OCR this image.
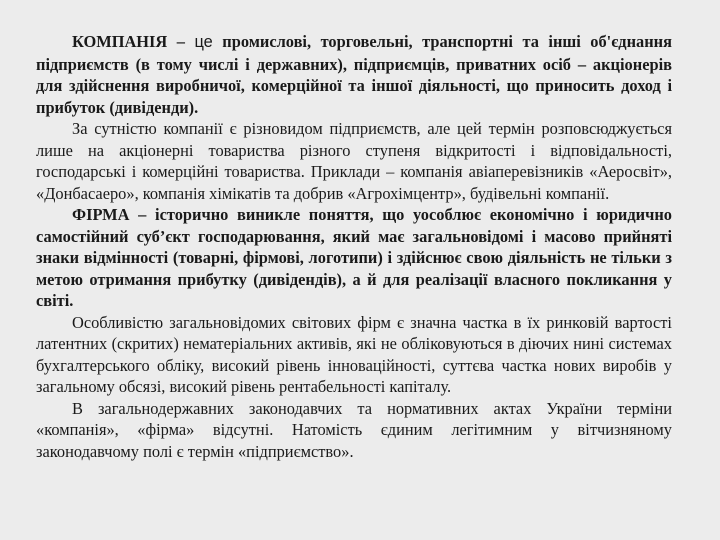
КОМПАНІЯ – це промислові, торговельні, транспортні та інші об'єднання підприємств (в тому числі і державних), підприємців, приватних осіб – акціонерів для здійснення виробничої, комерційної та іншої діяльності, що приносить доход і прибуток (дивіденди).

За сутністю компанії є різновидом підприємств, але цей термін розповсюджується лише на акціонерні товариства різного ступеня відкритості і відповідальності, господарські і комерційні товариства. Приклади – компанія авіаперевізників «Аеросвіт», «Донбасаеро», компанія хімікатів та добрив «Агрохімцентр», будівельні компанії.

ФІРМА – історично виникле поняття, що уособлює економічно і юридично самостійний суб’єкт господарювання, який має загальновідомі і масово прийняті знаки відмінності (товарні, фірмові, логотипи) і здійснює свою діяльність не тільки з метою отримання прибутку (дивідендів), а й для реалізації власного покликання у світі.

Особливістю загальновідомих світових фірм є значна частка в їх ринковій вартості латентних (скритих) нематеріальних активів, які не обліковуються в діючих нині системах бухгалтерського обліку, високий рівень інноваційності, суттєва частка нових виробів у загальному обсязі, високий рівень рентабельності капіталу.

В загальнодержавних законодавчих та нормативних актах України терміни «компанія», «фірма» відсутні. Натомість єдиним легітимним у вітчизняному законодавчому полі є термін «підприємство».
